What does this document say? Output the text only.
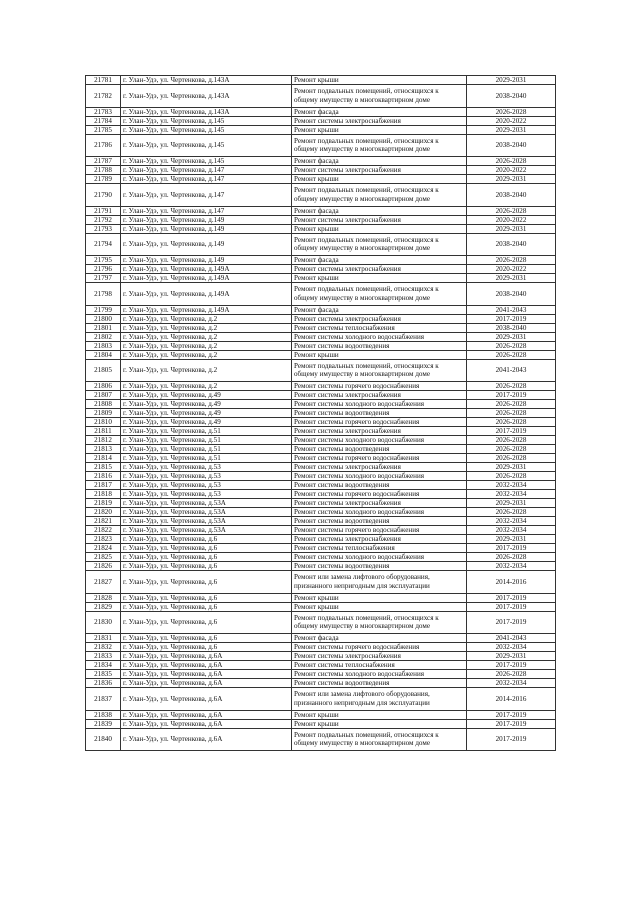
21781	г. Улан-Удэ, ул. Чертенкова, д.143А	Ремонт крыши	2029-2031
21782	г. Улан-Удэ, ул. Чертенкова, д.143А	Ремонт подвальных помещений, относящихся к общему имуществу в многоквартирном доме	2038-2040
21783	г. Улан-Удэ, ул. Чертенкова, д.143А	Ремонт фасада	2026-2028
21784	г. Улан-Удэ, ул. Чертенкова, д.145	Ремонт системы электроснабжения	2020-2022
21785	г. Улан-Удэ, ул. Чертенкова, д.145	Ремонт крыши	2029-2031
21786	г. Улан-Удэ, ул. Чертенкова, д.145	Ремонт подвальных помещений, относящихся к общему имуществу в многоквартирном доме	2038-2040
21787	г. Улан-Удэ, ул. Чертенкова, д.145	Ремонт фасада	2026-2028
21788	г. Улан-Удэ, ул. Чертенкова, д.147	Ремонт системы электроснабжения	2020-2022
21789	г. Улан-Удэ, ул. Чертенкова, д.147	Ремонт крыши	2029-2031
21790	г. Улан-Удэ, ул. Чертенкова, д.147	Ремонт подвальных помещений, относящихся к общему имуществу в многоквартирном доме	2038-2040
21791	г. Улан-Удэ, ул. Чертенкова, д.147	Ремонт фасада	2026-2028
21792	г. Улан-Удэ, ул. Чертенкова, д.149	Ремонт системы электроснабжения	2020-2022
21793	г. Улан-Удэ, ул. Чертенкова, д.149	Ремонт крыши	2029-2031
21794	г. Улан-Удэ, ул. Чертенкова, д.149	Ремонт подвальных помещений, относящихся к общему имуществу в многоквартирном доме	2038-2040
21795	г. Улан-Удэ, ул. Чертенкова, д.149	Ремонт фасада	2026-2028
21796	г. Улан-Удэ, ул. Чертенкова, д.149А	Ремонт системы электроснабжения	2020-2022
21797	г. Улан-Удэ, ул. Чертенкова, д.149А	Ремонт крыши	2029-2031
21798	г. Улан-Удэ, ул. Чертенкова, д.149А	Ремонт подвальных помещений, относящихся к общему имуществу в многоквартирном доме	2038-2040
21799	г. Улан-Удэ, ул. Чертенкова, д.149А	Ремонт фасада	2041-2043
21800	г. Улан-Удэ, ул. Чертенкова, д.2	Ремонт системы электроснабжения	2017-2019
21801	г. Улан-Удэ, ул. Чертенкова, д.2	Ремонт системы теплоснабжения	2038-2040
21802	г. Улан-Удэ, ул. Чертенкова, д.2	Ремонт системы холодного водоснабжения	2029-2031
21803	г. Улан-Удэ, ул. Чертенкова, д.2	Ремонт системы водоотведения	2026-2028
21804	г. Улан-Удэ, ул. Чертенкова, д.2	Ремонт крыши	2026-2028
21805	г. Улан-Удэ, ул. Чертенкова, д.2	Ремонт подвальных помещений, относящихся к общему имуществу в многоквартирном доме	2041-2043
21806	г. Улан-Удэ, ул. Чертенкова, д.2	Ремонт системы горячего водоснабжения	2026-2028
21807	г. Улан-Удэ, ул. Чертенкова, д.49	Ремонт системы электроснабжения	2017-2019
21808	г. Улан-Удэ, ул. Чертенкова, д.49	Ремонт системы холодного водоснабжения	2026-2028
21809	г. Улан-Удэ, ул. Чертенкова, д.49	Ремонт системы водоотведения	2026-2028
21810	г. Улан-Удэ, ул. Чертенкова, д.49	Ремонт системы горячего водоснабжения	2026-2028
21811	г. Улан-Удэ, ул. Чертенкова, д.51	Ремонт системы электроснабжения	2017-2019
21812	г. Улан-Удэ, ул. Чертенкова, д.51	Ремонт системы холодного водоснабжения	2026-2028
21813	г. Улан-Удэ, ул. Чертенкова, д.51	Ремонт системы водоотведения	2026-2028
21814	г. Улан-Удэ, ул. Чертенкова, д.51	Ремонт системы горячего водоснабжения	2026-2028
21815	г. Улан-Удэ, ул. Чертенкова, д.53	Ремонт системы электроснабжения	2029-2031
21816	г. Улан-Удэ, ул. Чертенкова, д.53	Ремонт системы холодного водоснабжения	2026-2028
21817	г. Улан-Удэ, ул. Чертенкова, д.53	Ремонт системы водоотведения	2032-2034
21818	г. Улан-Удэ, ул. Чертенкова, д.53	Ремонт системы горячего водоснабжения	2032-2034
21819	г. Улан-Удэ, ул. Чертенкова, д.53А	Ремонт системы электроснабжения	2029-2031
21820	г. Улан-Удэ, ул. Чертенкова, д.53А	Ремонт системы холодного водоснабжения	2026-2028
21821	г. Улан-Удэ, ул. Чертенкова, д.53А	Ремонт системы водоотведения	2032-2034
21822	г. Улан-Удэ, ул. Чертенкова, д.53А	Ремонт системы горячего водоснабжения	2032-2034
21823	г. Улан-Удэ, ул. Чертенкова, д.6	Ремонт системы электроснабжения	2029-2031
21824	г. Улан-Удэ, ул. Чертенкова, д.6	Ремонт системы теплоснабжения	2017-2019
21825	г. Улан-Удэ, ул. Чертенкова, д.6	Ремонт системы холодного водоснабжения	2026-2028
21826	г. Улан-Удэ, ул. Чертенкова, д.6	Ремонт системы водоотведения	2032-2034
21827	г. Улан-Удэ, ул. Чертенкова, д.6	Ремонт или замена лифтового оборудования, признанного непригодным для эксплуатации	2014-2016
21828	г. Улан-Удэ, ул. Чертенкова, д.6	Ремонт крыши	2017-2019
21829	г. Улан-Удэ, ул. Чертенкова, д.6	Ремонт крыши	2017-2019
21830	г. Улан-Удэ, ул. Чертенкова, д.6	Ремонт подвальных помещений, относящихся к общему имуществу в многоквартирном доме	2017-2019
21831	г. Улан-Удэ, ул. Чертенкова, д.6	Ремонт фасада	2041-2043
21832	г. Улан-Удэ, ул. Чертенкова, д.6	Ремонт системы горячего водоснабжения	2032-2034
21833	г. Улан-Удэ, ул. Чертенкова, д.6А	Ремонт системы электроснабжения	2029-2031
21834	г. Улан-Удэ, ул. Чертенкова, д.6А	Ремонт системы теплоснабжения	2017-2019
21835	г. Улан-Удэ, ул. Чертенкова, д.6А	Ремонт системы холодного водоснабжения	2026-2028
21836	г. Улан-Удэ, ул. Чертенкова, д.6А	Ремонт системы водоотведения	2032-2034
21837	г. Улан-Удэ, ул. Чертенкова, д.6А	Ремонт или замена лифтового оборудования, признанного непригодным для эксплуатации	2014-2016
21838	г. Улан-Удэ, ул. Чертенкова, д.6А	Ремонт крыши	2017-2019
21839	г. Улан-Удэ, ул. Чертенкова, д.6А	Ремонт крыши	2017-2019
21840	г. Улан-Удэ, ул. Чертенкова, д.6А	Ремонт подвальных помещений, относящихся к общему имуществу в многоквартирном доме	2017-2019
